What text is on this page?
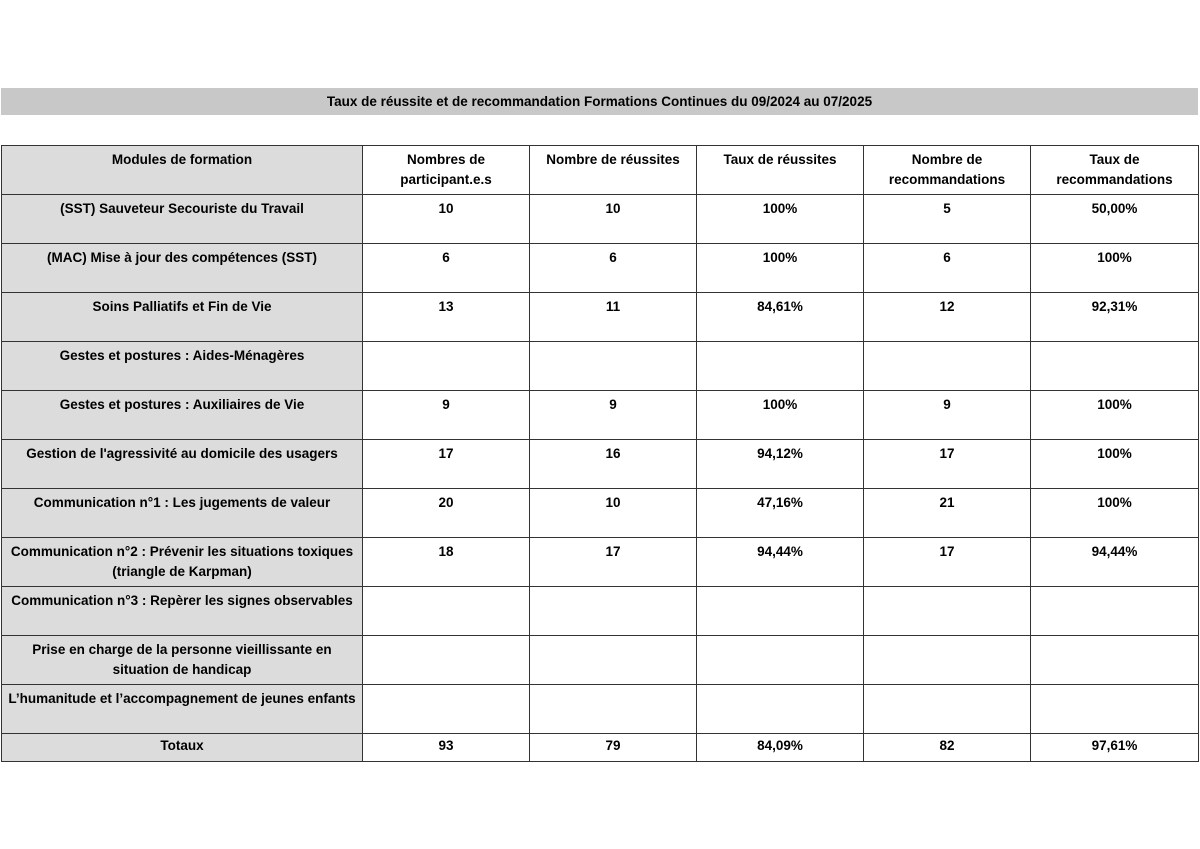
Taux de réussite et de recommandation Formations Continues du 09/2024 au 07/2025
Modules de formation	Nombres de participant.e.s	Nombre de réussites	Taux de réussites	Nombre de recommandations	Taux de recommandations
(SST) Sauveteur Secouriste du Travail	10	10	100%	5	50,00%
(MAC) Mise à jour des compétences (SST)	6	6	100%	6	100%
Soins Palliatifs et Fin de Vie	13	11	84,61%	12	92,31%
Gestes et postures : Aides-Ménagères					
Gestes et postures : Auxiliaires de Vie	9	9	100%	9	100%
Gestion de l'agressivité au domicile des usagers	17	16	94,12%	17	100%
Communication n°1 : Les jugements de valeur	20	10	47,16%	21	100%
Communication n°2 : Prévenir les situations toxiques (triangle de Karpman)	18	17	94,44%	17	94,44%
Communication n°3 : Repèrer les signes observables					
Prise en charge de la personne vieillissante en situation de handicap					
L’humanitude et l’accompagnement de jeunes enfants					
Totaux	93	79	84,09%	82	97,61%
